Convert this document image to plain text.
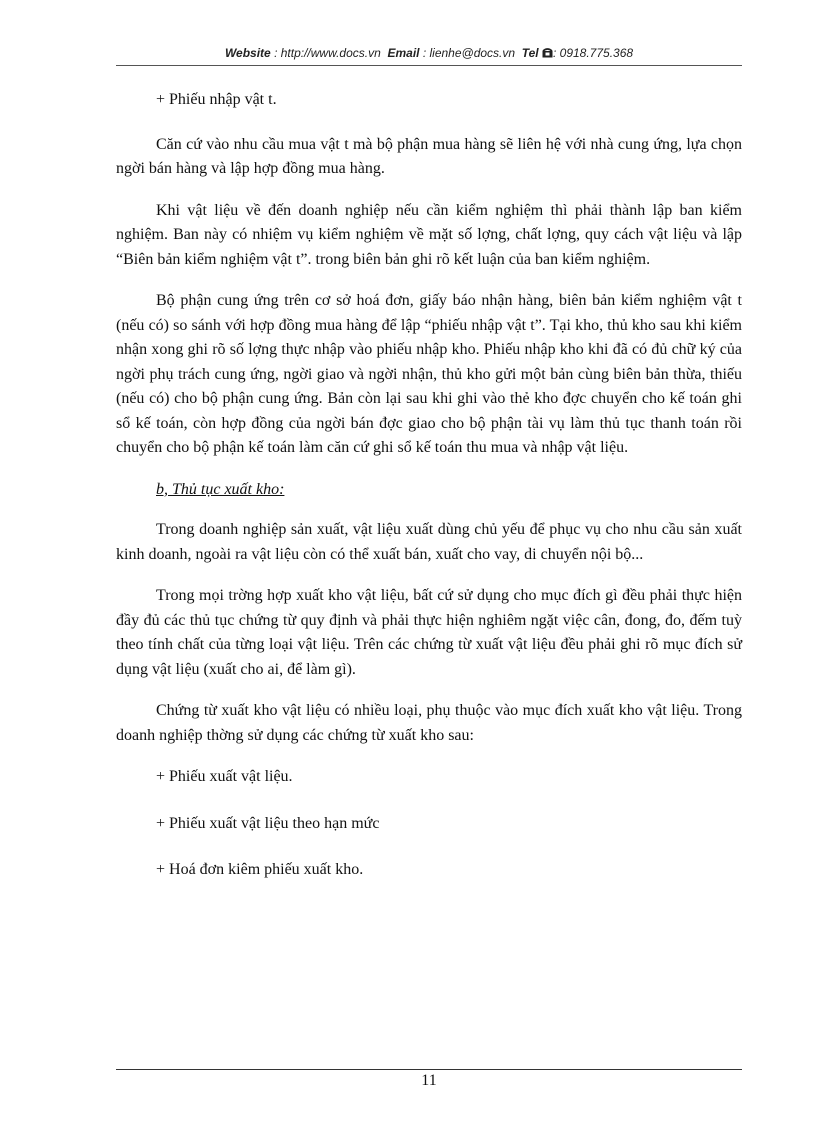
Website : http://www.docs.vn Email : lienhe@docs.vn Tel : 0918.775.368

+ Phiếu nhập vật t.

Căn cứ vào nhu cầu mua vật t mà bộ phận mua hàng sẽ liên hệ với nhà cung ứng, lựa chọn ngời bán hàng và lập hợp đồng mua hàng.

Khi vật liệu về đến doanh nghiệp nếu cần kiểm nghiệm thì phải thành lập ban kiểm nghiệm. Ban này có nhiệm vụ kiểm nghiệm về mặt số lợng, chất lợng, quy cách vật liệu và lập “Biên bản kiểm nghiệm vật t”. trong biên bản ghi rõ kết luận của ban kiểm nghiệm.

Bộ phận cung ứng trên cơ sở hoá đơn, giấy báo nhận hàng, biên bản kiểm nghiệm vật t (nếu có) so sánh với hợp đồng mua hàng để lập “phiếu nhập vật t”. Tại kho, thủ kho sau khi kiểm nhận xong ghi rõ số lợng thực nhập vào phiếu nhập kho. Phiếu nhập kho khi đã có đủ chữ ký của ngời phụ trách cung ứng, ngời giao và ngời nhận, thủ kho gửi một bản cùng biên bản thừa, thiếu (nếu có) cho bộ phận cung ứng. Bản còn lại sau khi ghi vào thẻ kho đợc chuyển cho kế toán ghi sổ kế toán, còn hợp đồng của ngời bán đợc giao cho bộ phận tài vụ làm thủ tục thanh toán rồi chuyển cho bộ phận kế toán làm căn cứ ghi sổ kế toán thu mua và nhập vật liệu.

b, Thủ tục xuất kho:

Trong doanh nghiệp sản xuất, vật liệu xuất dùng chủ yếu để phục vụ cho nhu cầu sản xuất kinh doanh, ngoài ra vật liệu còn có thể xuất bán, xuất cho vay, di chuyển nội bộ...

Trong mọi trờng hợp xuất kho vật liệu, bất cứ sử dụng cho mục đích gì đều phải thực hiện đầy đủ các thủ tục chứng từ quy định và phải thực hiện nghiêm ngặt việc cân, đong, đo, đếm tuỳ theo tính chất của từng loại vật liệu. Trên các chứng từ xuất vật liệu đều phải ghi rõ mục đích sử dụng vật liệu (xuất cho ai, để làm gì).

Chứng từ xuất kho vật liệu có nhiều loại, phụ thuộc vào mục đích xuất kho vật liệu. Trong doanh nghiệp thờng sử dụng các chứng từ xuất kho sau:

+ Phiếu xuất vật liệu.

+ Phiếu xuất vật liệu theo hạn mức

+ Hoá đơn kiêm phiếu xuất kho.

11
